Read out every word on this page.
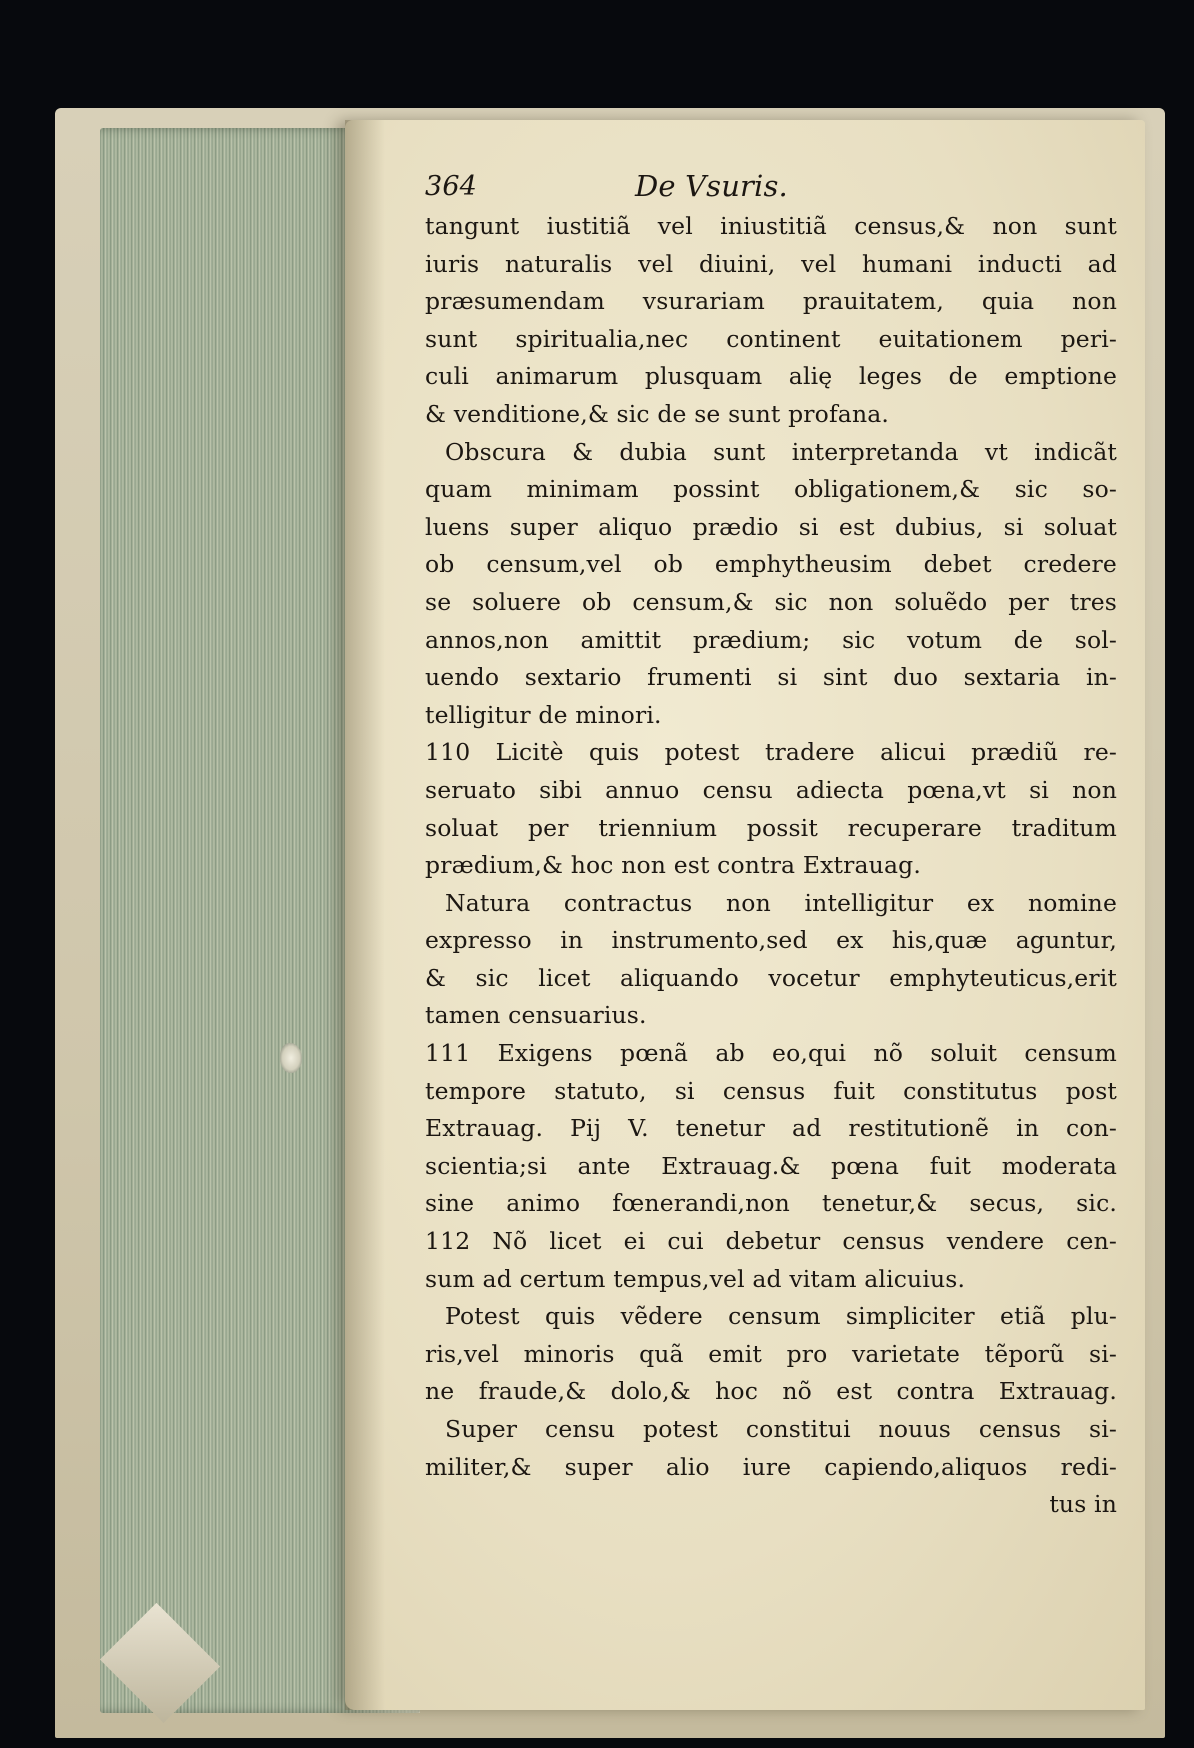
364	De Vsuris.
tangunt iustitiã vel iniustitiã census,& non sunt
iuris naturalis vel diuini, vel humani inducti ad
præsumendam vsurariam prauitatem, quia non
sunt spiritualia,nec continent euitationem peri-
culi animarum plusquam alię leges de emptione
& venditione,& sic de se sunt profana.
Obscura & dubia sunt interpretanda vt indicãt
quam minimam possint obligationem,& sic so-
luens super aliquo prædio si est dubius, si soluat
ob censum,vel ob emphytheusim debet credere
se soluere ob censum,& sic non soluẽdo per tres
annos,non amittit prædium; sic votum de sol-
uendo sextario frumenti si sint duo sextaria in-
telligitur de minori.
110 Licitè quis potest tradere alicui prædiũ re-
seruato sibi annuo censu adiecta pœna,vt si non
soluat per triennium possit recuperare traditum
prædium,& hoc non est contra Extrauag.
Natura contractus non intelligitur ex nomine
expresso in instrumento,sed ex his,quæ aguntur,
& sic licet aliquando vocetur emphyteuticus,erit
tamen censuarius.
111 Exigens pœnã ab eo,qui nõ soluit censum
tempore statuto, si census fuit constitutus post
Extrauag. Pij V. tenetur ad restitutionẽ in con-
scientia;si ante Extrauag.& pœna fuit moderata
sine animo fœnerandi,non tenetur,& secus, sic.
112 Nõ licet ei cui debetur census vendere cen-
sum ad certum tempus,vel ad vitam alicuius.
Potest quis vẽdere censum simpliciter etiã plu-
ris,vel minoris quã emit pro varietate tẽporũ si-
ne fraude,& dolo,& hoc nõ est contra Extrauag.
Super censu potest constitui nouus census si-
militer,& super alio iure capiendo,aliquos redi-
tus in
